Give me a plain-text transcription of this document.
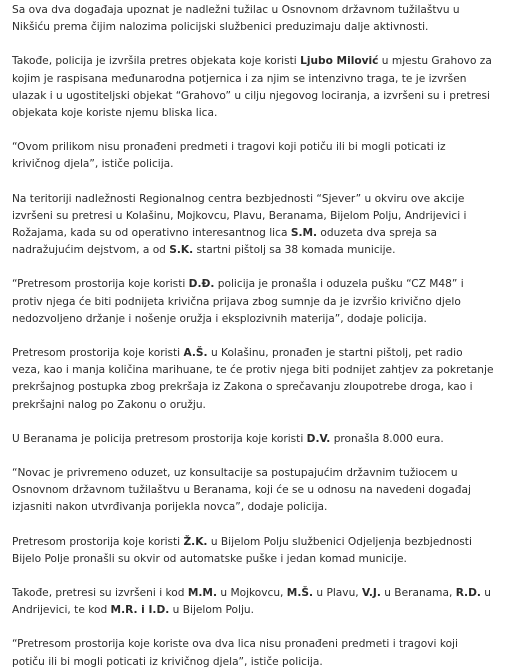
Sa ova dva događaja upoznat je nadležni tužilac u Osnovnom državnom tužilaštvu u Nikšiću prema čijim nalozima policijski službenici preduzimaju dalje aktivnosti.

Takođe, policija je izvršila pretres objekata koje koristi Ljubo Milović u mjestu Grahovo za kojim je raspisana međunarodna potjernica i za njim se intenzivno traga, te je izvršen ulazak i u ugostiteljski objekat “Grahovo” u cilju njegovog lociranja, a izvršeni su i pretresi objekata koje koriste njemu bliska lica.

“Ovom prilikom nisu pronađeni predmeti i tragovi koji potiču ili bi mogli poticati iz krivičnog djela”, ističe policija.

Na teritoriji nadležnosti Regionalnog centra bezbjednosti “Sjever” u okviru ove akcije izvršeni su pretresi u Kolašinu, Mojkovcu, Plavu, Beranama, Bijelom Polju, Andrijevici i Rožajama, kada su od operativno interesantnog lica S.M. oduzeta dva spreja sa nadražujućim dejstvom, a od S.K. startni pištolj sa 38 komada municije.

“Pretresom prostorija koje koristi D.Đ. policija je pronašla i oduzela pušku “CZ M48” i protiv njega će biti podnijeta krivična prijava zbog sumnje da je izvršio krivično djelo nedozvoljeno držanje i nošenje oružja i eksplozivnih materija”, dodaje policija.

Pretresom prostorija koje koristi A.Š. u Kolašinu, pronađen je startni pištolj, pet radio veza, kao i manja količina marihuane, te će protiv njega biti podnijet zahtjev za pokretanje prekršajnog postupka zbog prekršaja iz Zakona o sprečavanju zloupotrebe droga, kao i prekršajni nalog po Zakonu o oružju.

U Beranama je policija pretresom prostorija koje koristi D.V. pronašla 8.000 eura.

“Novac je privremeno oduzet, uz konsultacije sa postupajućim državnim tužiocem u Osnovnom državnom tužilaštvu u Beranama, koji će se u odnosu na navedeni događaj izjasniti nakon utvrđivanja porijekla novca”, dodaje policija.

Pretresom prostorija koje koristi Ž.K. u Bijelom Polju službenici Odjeljenja bezbjednosti Bijelo Polje pronašli su okvir od automatske puške i jedan komad municije.

Takođe, pretresi su izvršeni i kod M.M. u Mojkovcu, M.Š. u Plavu, V.J. u Beranama, R.D. u Andrijevici, te kod M.R. i I.D. u Bijelom Polju.

“Pretresom prostorija koje koriste ova dva lica nisu pronađeni predmeti i tragovi koji potiču ili bi mogli poticati iz krivičnog djela”, ističe policija.
